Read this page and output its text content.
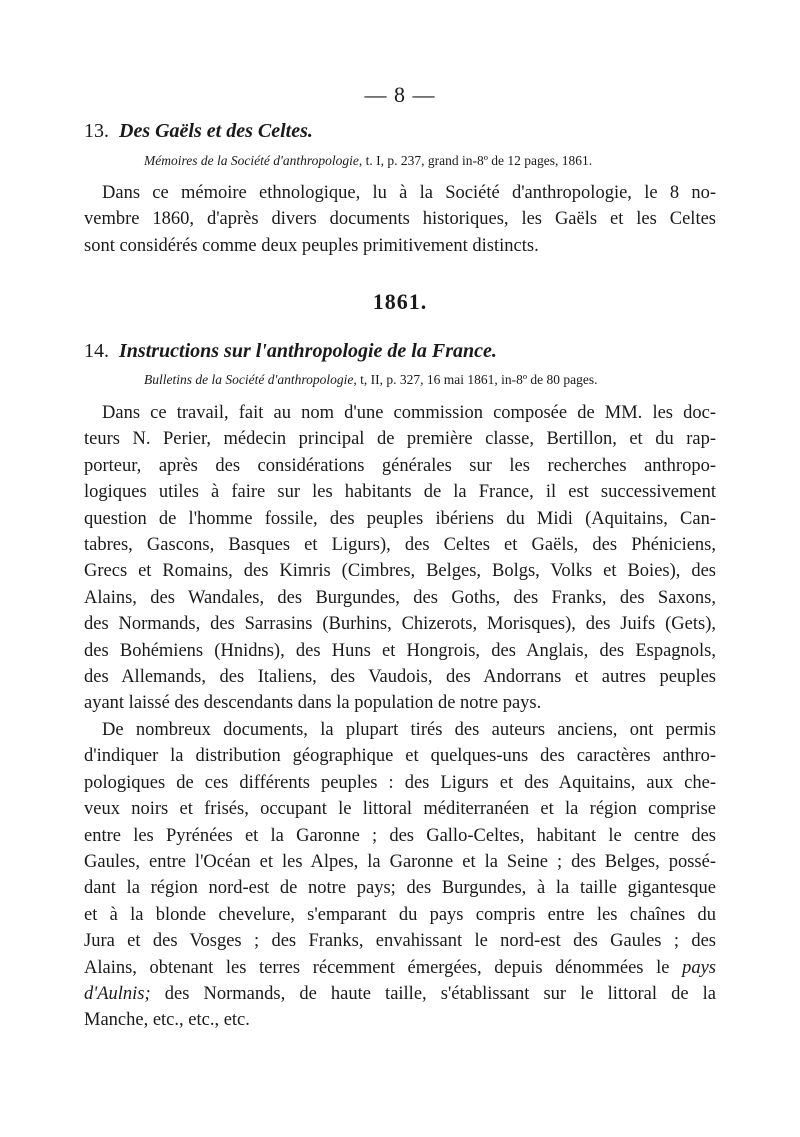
— 8 —
13. Des Gaëls et des Celtes.
Mémoires de la Société d'anthropologie, t. I, p. 237, grand in-8º de 12 pages, 1861.
Dans ce mémoire ethnologique, lu à la Société d'anthropologie, le 8 no-
vembre 1860, d'après divers documents historiques, les Gaëls et les Celtes
sont considérés comme deux peuples primitivement distincts.
1861.
14. Instructions sur l'anthropologie de la France.
Bulletins de la Société d'anthropologie, t, II, p. 327, 16 mai 1861, in-8º de 80 pages.
Dans ce travail, fait au nom d'une commission composée de MM. les doc-
teurs N. Perier, médecin principal de première classe, Bertillon, et du rap-
porteur, après des considérations générales sur les recherches anthropo-
logiques utiles à faire sur les habitants de la France, il est successivement
question de l'homme fossile, des peuples ibériens du Midi (Aquitains, Can-
tabres, Gascons, Basques et Ligurs), des Celtes et Gaëls, des Phéniciens,
Grecs et Romains, des Kimris (Cimbres, Belges, Bolgs, Volks et Boies), des
Alains, des Wandales, des Burgundes, des Goths, des Franks, des Saxons,
des Normands, des Sarrasins (Burhins, Chizerots, Morisques), des Juifs (Gets),
des Bohémiens (Hnidns), des Huns et Hongrois, des Anglais, des Espagnols,
des Allemands, des Italiens, des Vaudois, des Andorrans et autres peuples
ayant laissé des descendants dans la population de notre pays.
De nombreux documents, la plupart tirés des auteurs anciens, ont permis
d'indiquer la distribution géographique et quelques-uns des caractères anthro-
pologiques de ces différents peuples : des Ligurs et des Aquitains, aux che-
veux noirs et frisés, occupant le littoral méditerranéen et la région comprise
entre les Pyrénées et la Garonne ; des Gallo-Celtes, habitant le centre des
Gaules, entre l'Océan et les Alpes, la Garonne et la Seine ; des Belges, possé-
dant la région nord-est de notre pays; des Burgundes, à la taille gigantesque
et à la blonde chevelure, s'emparant du pays compris entre les chaînes du
Jura et des Vosges ; des Franks, envahissant le nord-est des Gaules ; des
Alains, obtenant les terres récemment émergées, depuis dénommées le pays
d'Aulnis; des Normands, de haute taille, s'établissant sur le littoral de la
Manche, etc., etc., etc.
